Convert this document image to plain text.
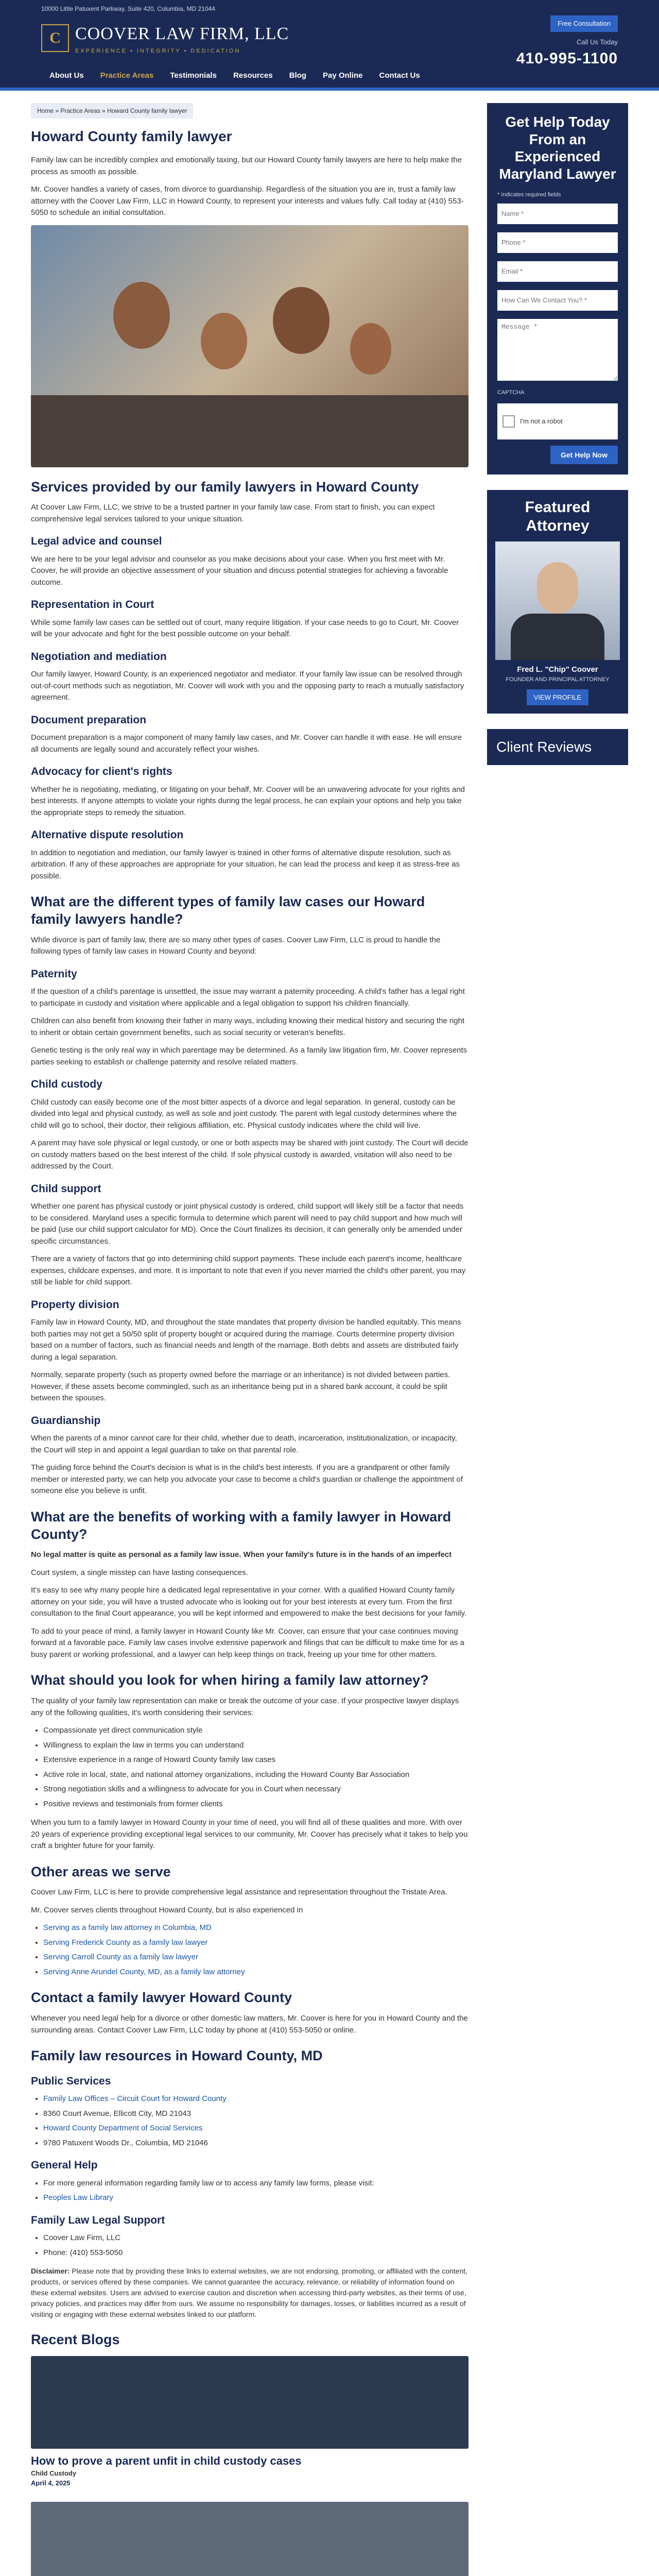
10000 Little Patuxent Parkway, Suite 420, Columbia, MD 21044
C COOVER LAW FIRM, LLC
EXPERIENCE • INTEGRITY • DEDICATION
Free Consultation
Call Us Today
410-995-1100
About Us	Practice Areas	Testimonials	Resources	Blog	Pay Online	Contact Us
Home » Practice Areas » Howard County family lawyer
Howard County family lawyer

Family law can be incredibly complex and emotionally taxing, but our Howard County family lawyers are here to help make the process as smooth as possible.

Mr. Coover handles a variety of cases, from divorce to guardianship. Regardless of the situation you are in, trust a family law attorney with the Coover Law Firm, LLC in Howard County, to represent your interests and values fully. Call today at (410) 553-5050 to schedule an initial consultation.

Services provided by our family lawyers in Howard County

At Coover Law Firm, LLC, we strive to be a trusted partner in your family law case. From start to finish, you can expect comprehensive legal services tailored to your unique situation.

Legal advice and counsel

We are here to be your legal advisor and counselor as you make decisions about your case. When you first meet with Mr. Coover, he will provide an objective assessment of your situation and discuss potential strategies for achieving a favorable outcome.

Representation in Court

While some family law cases can be settled out of court, many require litigation. If your case needs to go to Court, Mr. Coover will be your advocate and fight for the best possible outcome on your behalf.

Negotiation and mediation

Our family lawyer, Howard County, is an experienced negotiator and mediator. If your family law issue can be resolved through out-of-court methods such as negotiation, Mr. Coover will work with you and the opposing party to reach a mutually satisfactory agreement.

Document preparation

Document preparation is a major component of many family law cases, and Mr. Coover can handle it with ease. He will ensure all documents are legally sound and accurately reflect your wishes.

Advocacy for client's rights

Whether he is negotiating, mediating, or litigating on your behalf, Mr. Coover will be an unwavering advocate for your rights and best interests. If anyone attempts to violate your rights during the legal process, he can explain your options and help you take the appropriate steps to remedy the situation.

Alternative dispute resolution

In addition to negotiation and mediation, our family lawyer is trained in other forms of alternative dispute resolution, such as arbitration. If any of these approaches are appropriate for your situation, he can lead the process and keep it as stress-free as possible.

What are the different types of family law cases our Howard family lawyers handle?

While divorce is part of family law, there are so many other types of cases. Coover Law Firm, LLC is proud to handle the following types of family law cases in Howard County and beyond:

Paternity

If the question of a child's parentage is unsettled, the issue may warrant a paternity proceeding. A child's father has a legal right to participate in custody and visitation where applicable and a legal obligation to support his children financially.

Children can also benefit from knowing their father in many ways, including knowing their medical history and securing the right to inherit or obtain certain government benefits, such as social security or veteran's benefits.

Genetic testing is the only real way in which parentage may be determined. As a family law litigation firm, Mr. Coover represents parties seeking to establish or challenge paternity and resolve related matters.

Child custody

Child custody can easily become one of the most bitter aspects of a divorce and legal separation. In general, custody can be divided into legal and physical custody, as well as sole and joint custody. The parent with legal custody determines where the child will go to school, their doctor, their religious affiliation, etc. Physical custody indicates where the child will live.

A parent may have sole physical or legal custody, or one or both aspects may be shared with joint custody. The Court will decide on custody matters based on the best interest of the child. If sole physical custody is awarded, visitation will also need to be addressed by the Court.

Child support

Whether one parent has physical custody or joint physical custody is ordered, child support will likely still be a factor that needs to be considered. Maryland uses a specific formula to determine which parent will need to pay child support and how much will be paid (use our child support calculator for MD). Once the Court finalizes its decision, it can generally only be amended under specific circumstances.

There are a variety of factors that go into determining child support payments. These include each parent's income, healthcare expenses, childcare expenses, and more. It is important to note that even if you never married the child's other parent, you may still be liable for child support.

Property division

Family law in Howard County, MD, and throughout the state mandates that property division be handled equitably. This means both parties may not get a 50/50 split of property bought or acquired during the marriage. Courts determine property division based on a number of factors, such as financial needs and length of the marriage. Both debts and assets are distributed fairly during a legal separation.

Normally, separate property (such as property owned before the marriage or an inheritance) is not divided between parties. However, if these assets become commingled, such as an inheritance being put in a shared bank account, it could be split between the spouses.

Guardianship

When the parents of a minor cannot care for their child, whether due to death, incarceration, institutionalization, or incapacity, the Court will step in and appoint a legal guardian to take on that parental role.

The guiding force behind the Court's decision is what is in the child's best interests. If you are a grandparent or other family member or interested party, we can help you advocate your case to become a child's guardian or challenge the appointment of someone else you believe is unfit.

What are the benefits of working with a family lawyer in Howard County?

No legal matter is quite as personal as a family law issue. When your family's future is in the hands of an imperfect

Court system, a single misstep can have lasting consequences.

It's easy to see why many people hire a dedicated legal representative in your corner. With a qualified Howard County family attorney on your side, you will have a trusted advocate who is looking out for your best interests at every turn. From the first consultation to the final Court appearance, you will be kept informed and empowered to make the best decisions for your family.

To add to your peace of mind, a family lawyer in Howard County like Mr. Coover, can ensure that your case continues moving forward at a favorable pace. Family law cases involve extensive paperwork and filings that can be difficult to make time for as a busy parent or working professional, and a lawyer can help keep things on track, freeing up your time for other matters.

What should you look for when hiring a family law attorney?

The quality of your family law representation can make or break the outcome of your case. If your prospective lawyer displays any of the following qualities, it's worth considering their services:

• Compassionate yet direct communication style
• Willingness to explain the law in terms you can understand
• Extensive experience in a range of Howard County family law cases
• Active role in local, state, and national attorney organizations, including the Howard County Bar Association
• Strong negotiation skills and a willingness to advocate for you in Court when necessary
• Positive reviews and testimonials from former clients

When you turn to a family lawyer in Howard County in your time of need, you will find all of these qualities and more. With over 20 years of experience providing exceptional legal services to our community, Mr. Coover has precisely what it takes to help you craft a brighter future for your family.

Other areas we serve

Coover Law Firm, LLC is here to provide comprehensive legal assistance and representation throughout the Tristate Area.

Mr. Coover serves clients throughout Howard County, but is also experienced in

• Serving as a family law attorney in Columbia, MD
• Serving Frederick County as a family law lawyer
• Serving Carroll County as a family law lawyer
• Serving Anne Arundel County, MD, as a family law attorney
Contact a family lawyer Howard County

Whenever you need legal help for a divorce or other domestic law matters, Mr. Coover is here for you in Howard County and the surrounding areas. Contact Coover Law Firm, LLC today by phone at (410) 553-5050 or online.

Family law resources in Howard County, MD
Public Services
• Family Law Offices – Circuit Court for Howard County
• 8360 Court Avenue, Ellicott City, MD 21043
• Howard County Department of Social Services
• 9780 Patuxent Woods Dr., Columbia, MD 21046
General Help
• For more general information regarding family law or to access any family law forms, please visit:
• Peoples Law Library
Family Law Legal Support
• Coover Law Firm, LLC
• Phone: (410) 553-5050

Disclaimer: Please note that by providing these links to external websites, we are not endorsing, promoting, or affiliated with the content, products, or services offered by these companies. We cannot guarantee the accuracy, relevance, or reliability of information found on these external websites. Users are advised to exercise caution and discretion when accessing third-party websites, as their terms of use, privacy policies, and practices may differ from ours. We assume no responsibility for damages, losses, or liabilities incurred as a result of visiting or engaging with these external websites linked to our platform.

Recent Blogs
How to prove a parent unfit in child custody cases
Child Custody
April 4, 2025
Get Help Today From an Experienced Maryland Lawyer
* Indicates required fields
Name * Phone * Email * How Can We Contact You? * Message *
CAPTCHA
I'm not a robot
Get Help Now
Featured Attorney
Fred L. "Chip" Coover
FOUNDER AND PRINCIPAL ATTORNEY
VIEW PROFILE
Client Reviews
